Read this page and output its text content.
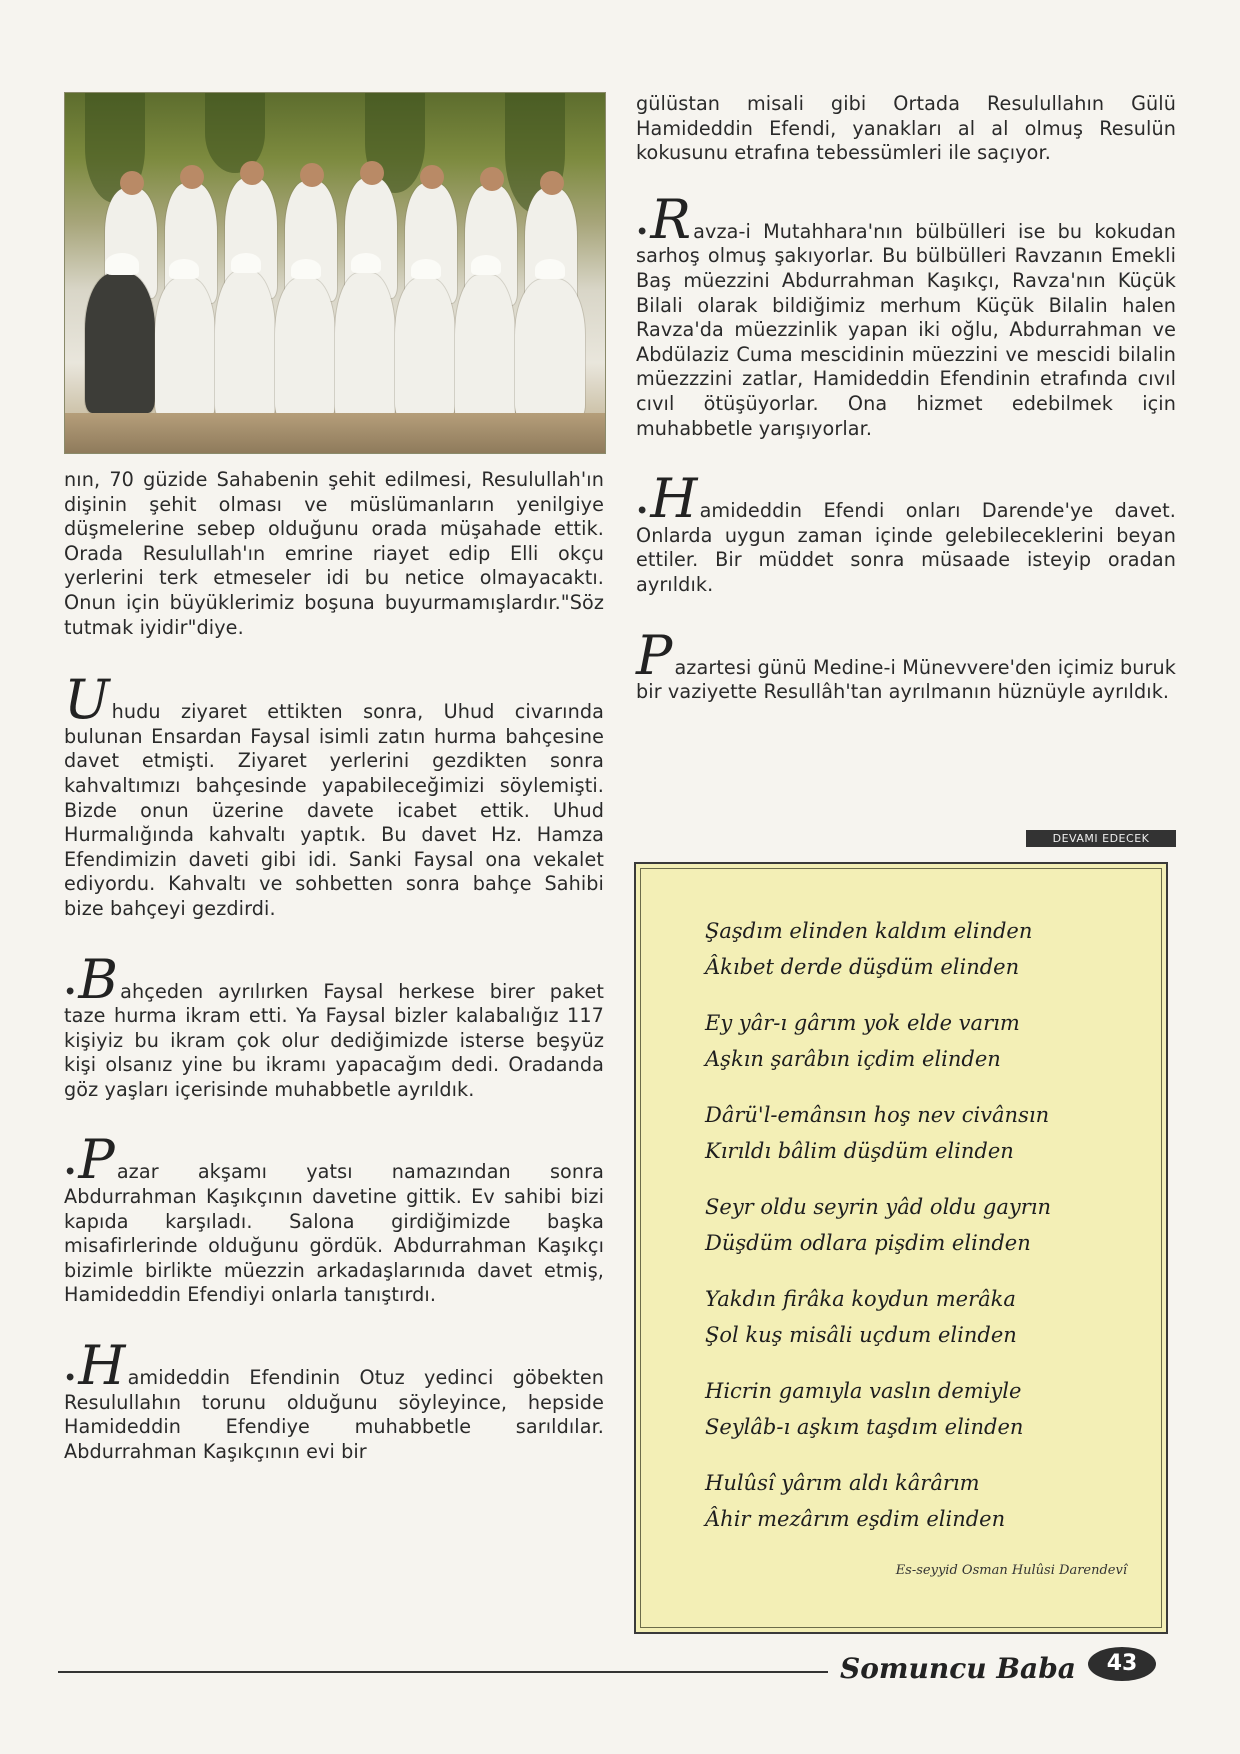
nın, 70 güzide Sahabenin şehit edilmesi, Resulullah'ın dişinin şehit olması ve müslümanların yenilgiye düşmelerine sebep olduğunu orada müşahade ettik. Orada Resulullah'ın emrine riayet edip Elli okçu yerlerini terk etmeseler idi bu netice olmayacaktı. Onun için büyüklerimiz boşuna buyurmamışlardır."Söz tutmak iyidir"diye.

Uhudu ziyaret ettikten sonra, Uhud civarında bulunan Ensardan Faysal isimli zatın hurma bahçesine davet etmişti. Ziyaret yerlerini gezdikten sonra kahvaltımızı bahçesinde yapabileceğimizi söylemişti. Bizde onun üzerine davete icabet ettik. Uhud Hurmalığında kahvaltı yaptık. Bu davet Hz. Hamza Efendimizin daveti gibi idi. Sanki Faysal ona vekalet ediyordu. Kahvaltı ve sohbetten sonra bahçe Sahibi bize bahçeyi gezdirdi.

•B ahçeden ayrılırken Faysal herkese birer paket taze hurma ikram etti. Ya Faysal bizler kalabalığız 117 kişiyiz bu ikram çok olur dediğimizde isterse beşyüz kişi olsanız yine bu ikramı yapacağım dedi. Oradanda göz yaşları içerisinde muhabbetle ayrıldık.

•P azar akşamı yatsı namazından sonra Abdurrahman Kaşıkçının davetine gittik. Ev sahibi bizi kapıda karşıladı. Salona girdiğimizde başka misafirlerinde olduğunu gördük. Abdurrahman Kaşıkçı bizimle birlikte müezzin arkadaşlarınıda davet etmiş, Hamideddin Efendiyi onlarla tanıştırdı.

•H amideddin Efendinin Otuz yedinci göbekten Resulullahın torunu olduğunu söyleyince, hepside Hamideddin Efendiye muhabbetle sarıldılar. Abdurrahman Kaşıkçının evi bir

gülüstan misali gibi Ortada Resulullahın Gülü Hamideddin Efendi, yanakları al al olmuş Resulün kokusunu etrafına tebessümleri ile saçıyor.

•R avza-i Mutahhara'nın bülbülleri ise bu kokudan sarhoş olmuş şakıyorlar. Bu bülbülleri Ravzanın Emekli Baş müezzini Abdurrahman Kaşıkçı, Ravza'nın Küçük Bilali olarak bildiğimiz merhum Küçük Bilalin halen Ravza'da müezzinlik yapan iki oğlu, Abdurrahman ve Abdülaziz Cuma mescidinin müezzini ve mescidi bilalin müezzzini zatlar, Hamideddin Efendinin etrafında cıvıl cıvıl ötüşüyorlar. Ona hizmet edebilmek için muhabbetle yarışıyorlar.

•H amideddin Efendi onları Darende'ye davet. Onlarda uygun zaman içinde gelebileceklerini beyan ettiler. Bir müddet sonra müsaade isteyip oradan ayrıldık.

Pazartesi günü Medine-i Münevvere'den içimiz buruk bir vaziyette Resullâh'tan ayrılmanın hüznüyle ayrıldık.

DEVAMI EDECEK

Şaşdım elinden kaldım elinden

Âkıbet derde düşdüm elinden

Ey yâr-ı gârım yok elde varım

Aşkın şarâbın içdim elinden

Dârü'l-emânsın hoş nev civânsın

Kırıldı bâlim düşdüm elinden

Seyr oldu seyrin yâd oldu gayrın

Düşdüm odlara pişdim elinden

Yakdın firâka koydun merâka

Şol kuş misâli uçdum elinden

Hicrin gamıyla vaslın demiyle

Seylâb-ı aşkım taşdım elinden

Hulûsî yârım aldı kârârım

Âhir mezârım eşdim elinden

Es-seyyid Osman Hulûsi Darendevî

Somuncu Baba	43
